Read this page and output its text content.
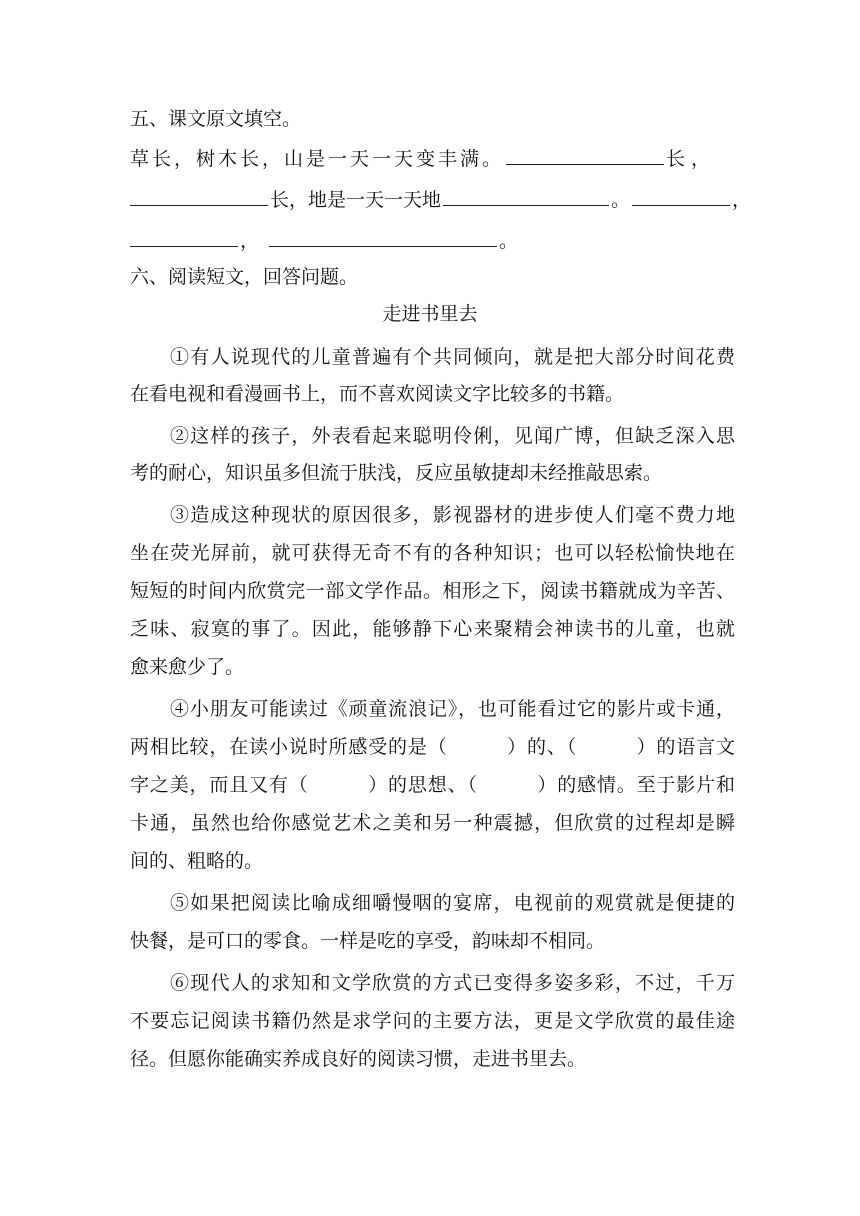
五、课文原文填空。
草长，树木长，山是一天一天变丰满。	长，
长，地是一天一天地	。	，
，	。
六、阅读短文，回答问题。
走进书里去
①有人说现代的儿童普遍有个共同倾向，就是把大部分时间花费
在看电视和看漫画书上，而不喜欢阅读文字比较多的书籍。
②这样的孩子，外表看起来聪明伶俐，见闻广博，但缺乏深入思
考的耐心，知识虽多但流于肤浅，反应虽敏捷却未经推敲思索。
③造成这种现状的原因很多，影视器材的进步使人们毫不费力地
坐在荧光屏前，就可获得无奇不有的各种知识；也可以轻松愉快地在
短短的时间内欣赏完一部文学作品。相形之下，阅读书籍就成为辛苦、
乏味、寂寞的事了。因此，能够静下心来聚精会神读书的儿童，也就
愈来愈少了。
④小朋友可能读过《顽童流浪记》，也可能看过它的影片或卡通，
两相比较，在读小说时所感受的是（　　　）的、（　　　）的语言文
字之美，而且又有（　　　）的思想、（　　　）的感情。至于影片和
卡通，虽然也给你感觉艺术之美和另一种震撼，但欣赏的过程却是瞬
间的、粗略的。
⑤如果把阅读比喻成细嚼慢咽的宴席，电视前的观赏就是便捷的
快餐，是可口的零食。一样是吃的享受，韵味却不相同。
⑥现代人的求知和文学欣赏的方式已变得多姿多彩，不过，千万
不要忘记阅读书籍仍然是求学问的主要方法，更是文学欣赏的最佳途
径。但愿你能确实养成良好的阅读习惯，走进书里去。
